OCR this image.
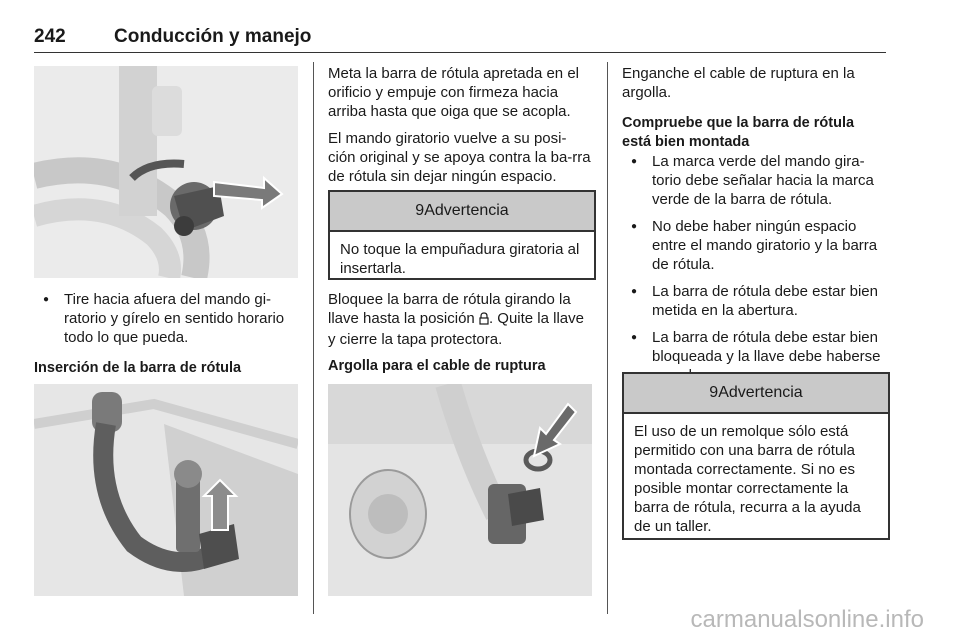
242	Conducción y manejo
● Tire hacia afuera del mando gi-ratorio y gírelo en sentido horario todo lo que pueda.

Inserción de la barra de rótula

Meta la barra de rótula apretada en el orificio y empuje con firmeza hacia arriba hasta que oiga que se acopla.

El mando giratorio vuelve a su posi-ción original y se apoya contra la ba-rra de rótula sin dejar ningún espacio.

9Advertencia
No toque la empuñadura giratoria al insertarla.

Bloquee la barra de rótula girando la llave hasta la posición . Quite la llave y cierre la tapa protectora.

Argolla para el cable de ruptura

Enganche el cable de ruptura en la argolla.

Compruebe que la barra de rótula está bien montada

● La marca verde del mando gira-torio debe señalar hacia la marca verde de la barra de rótula.
● No debe haber ningún espacio entre el mando giratorio y la barra de rótula.
● La barra de rótula debe estar bien metida en la abertura.
● La barra de rótula debe estar bien bloqueada y la llave debe haberse
9Advertencia
El uso de un remolque sólo está permitido con una barra de rótula montada correctamente. Si no es posible montar correctamente la barra de rótula, recurra a la ayuda de un taller.
carmanualsonline.info
